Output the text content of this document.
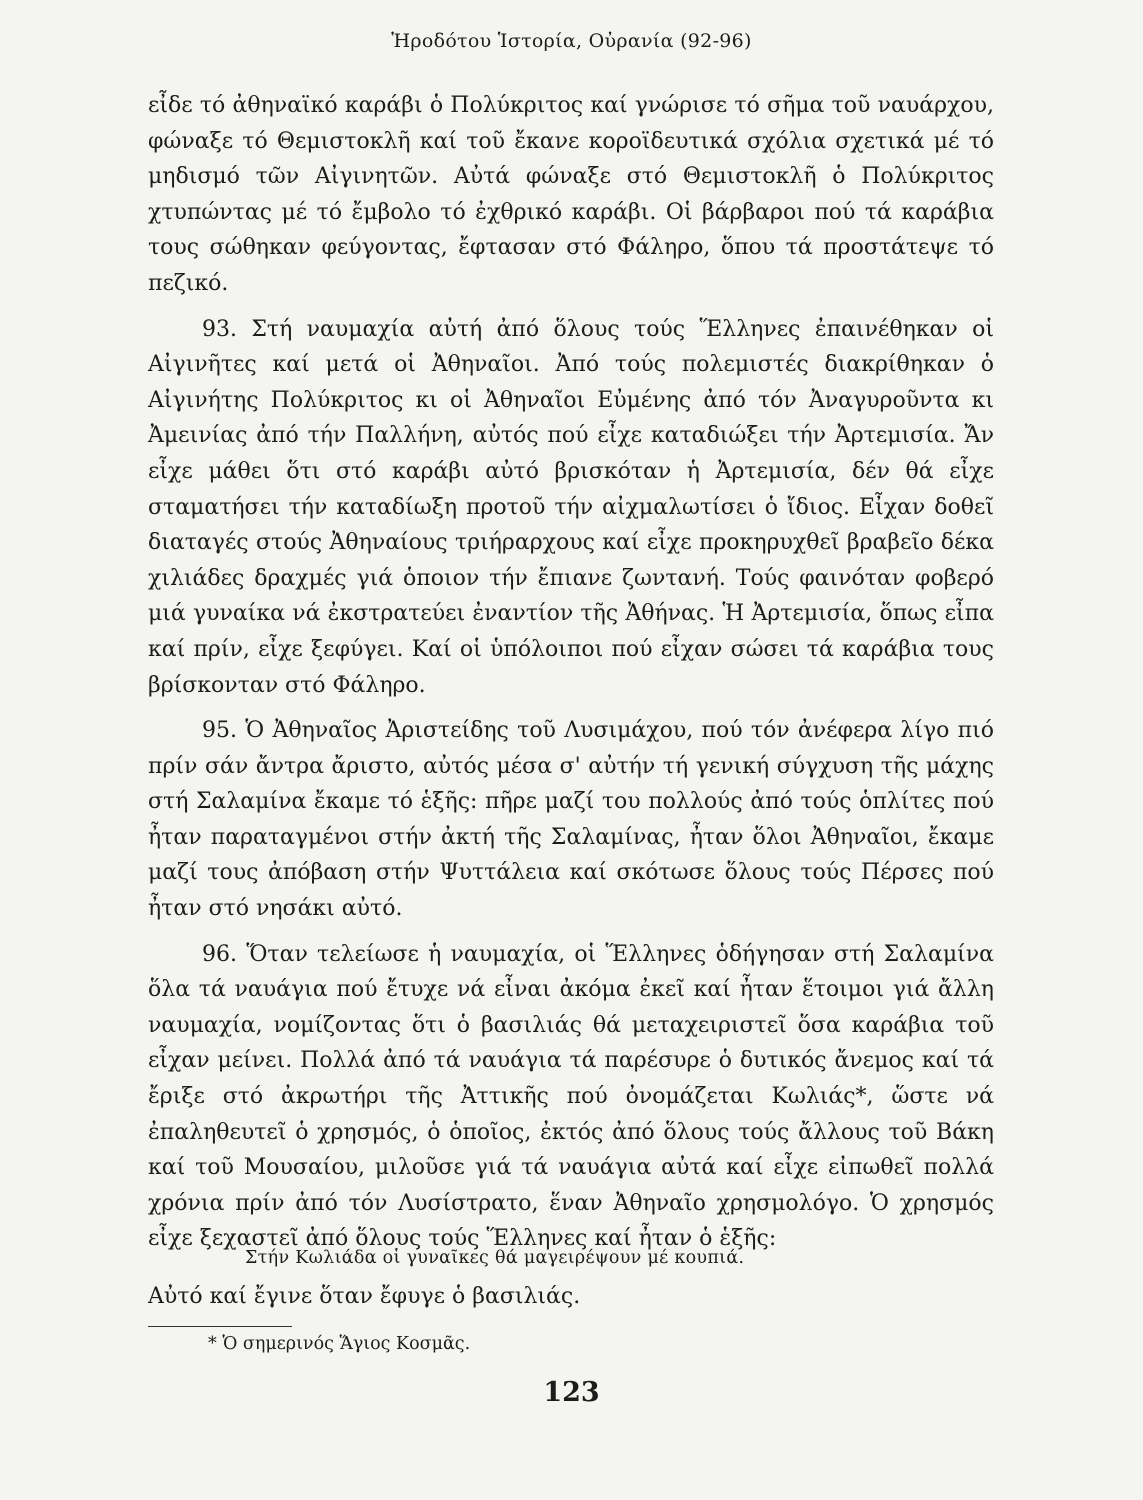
Ἡροδότου Ἱστορία, Οὐρανία (92-96)

εἶδε τό ἀθηναϊκό καράβι ὁ Πολύκριτος καί γνώρισε τό σῆμα τοῦ ναυάρχου, φώναξε τό Θεμιστοκλῆ καί τοῦ ἔκανε κοροϊδευτικά σχόλια σχετικά μέ τό μηδισμό τῶν Αἰγινητῶν. Αὐτά φώναξε στό Θεμιστοκλῆ ὁ Πολύκριτος χτυπώντας μέ τό ἔμβολο τό ἐχθρικό καράβι. Οἱ βάρβαροι πού τά καράβια τους σώθηκαν φεύγοντας, ἔφτασαν στό Φάληρο, ὅπου τά προστάτεψε τό πεζικό.

93. Στή ναυμαχία αὐτή ἀπό ὅλους τούς Ἕλληνες ἐπαινέθηκαν οἱ Αἰγινῆτες καί μετά οἱ Ἀθηναῖοι. Ἀπό τούς πολεμιστές διακρίθηκαν ὁ Αἰγινήτης Πολύκριτος κι οἱ Ἀθηναῖοι Εὐμένης ἀπό τόν Ἀναγυροῦντα κι Ἀμεινίας ἀπό τήν Παλλήνη, αὐτός πού εἶχε καταδιώξει τήν Ἀρτεμισία. Ἄν εἶχε μάθει ὅτι στό καράβι αὐτό βρισκόταν ἡ Ἀρτεμισία, δέν θά εἶχε σταματήσει τήν καταδίωξη προτοῦ τήν αἰχμαλωτίσει ὁ ἴδιος. Εἶχαν δοθεῖ διαταγές στούς Ἀθηναίους τριήραρχους καί εἶχε προκηρυχθεῖ βραβεῖο δέκα χιλιάδες δραχμές γιά ὁποιον τήν ἔπιανε ζωντανή. Τούς φαινόταν φοβερό μιά γυναίκα νά ἐκστρατεύει ἐναντίον τῆς Ἀθήνας. Ἡ Ἀρτεμισία, ὅπως εἶπα καί πρίν, εἶχε ξεφύγει. Καί οἱ ὑπόλοιποι πού εἶχαν σώσει τά καράβια τους βρίσκονταν στό Φάληρο.

95. Ὁ Ἀθηναῖος Ἀριστείδης τοῦ Λυσιμάχου, πού τόν ἀνέφερα λίγο πιό πρίν σάν ἄντρα ἄριστο, αὐτός μέσα σ' αὐτήν τή γενική σύγχυση τῆς μάχης στή Σαλαμίνα ἔκαμε τό ἑξῆς: πῆρε μαζί του πολλούς ἀπό τούς ὁπλίτες πού ἦταν παραταγμένοι στήν ἀκτή τῆς Σαλαμίνας, ἦταν ὅλοι Ἀθηναῖοι, ἔκαμε μαζί τους ἀπόβαση στήν Ψυττάλεια καί σκότωσε ὅλους τούς Πέρσες πού ἦταν στό νησάκι αὐτό.

96. Ὅταν τελείωσε ἡ ναυμαχία, οἱ Ἕλληνες ὁδήγησαν στή Σαλαμίνα ὅλα τά ναυάγια πού ἔτυχε νά εἶναι ἀκόμα ἐκεῖ καί ἦταν ἕτοιμοι γιά ἄλλη ναυμαχία, νομίζοντας ὅτι ὁ βασιλιάς θά μεταχειριστεῖ ὅσα καράβια τοῦ εἶχαν μείνει. Πολλά ἀπό τά ναυάγια τά παρέσυρε ὁ δυτικός ἄνεμος καί τά ἔριξε στό ἀκρωτήρι τῆς Ἀττικῆς πού ὀνομάζεται Κωλιάς*, ὥστε νά ἐπαληθευτεῖ ὁ χρησμός, ὁ ὁποῖος, ἐκτός ἀπό ὅλους τούς ἄλλους τοῦ Βάκη καί τοῦ Μουσαίου, μιλοῦσε γιά τά ναυάγια αὐτά καί εἶχε εἰπωθεῖ πολλά χρόνια πρίν ἀπό τόν Λυσίστρατο, ἕναν Ἀθηναῖο χρησμολόγο. Ὁ χρησμός εἶχε ξεχαστεῖ ἀπό ὅλους τούς Ἕλληνες καί ἦταν ὁ ἑξῆς:

Στήν Κωλιάδα οἱ γυναῖκες θά μαγειρέψουν μέ κουπιά.
Αὐτό καί ἔγινε ὅταν ἔφυγε ὁ βασιλιάς.
* Ὁ σημερινός Ἅγιος Κοσμᾶς.
123
